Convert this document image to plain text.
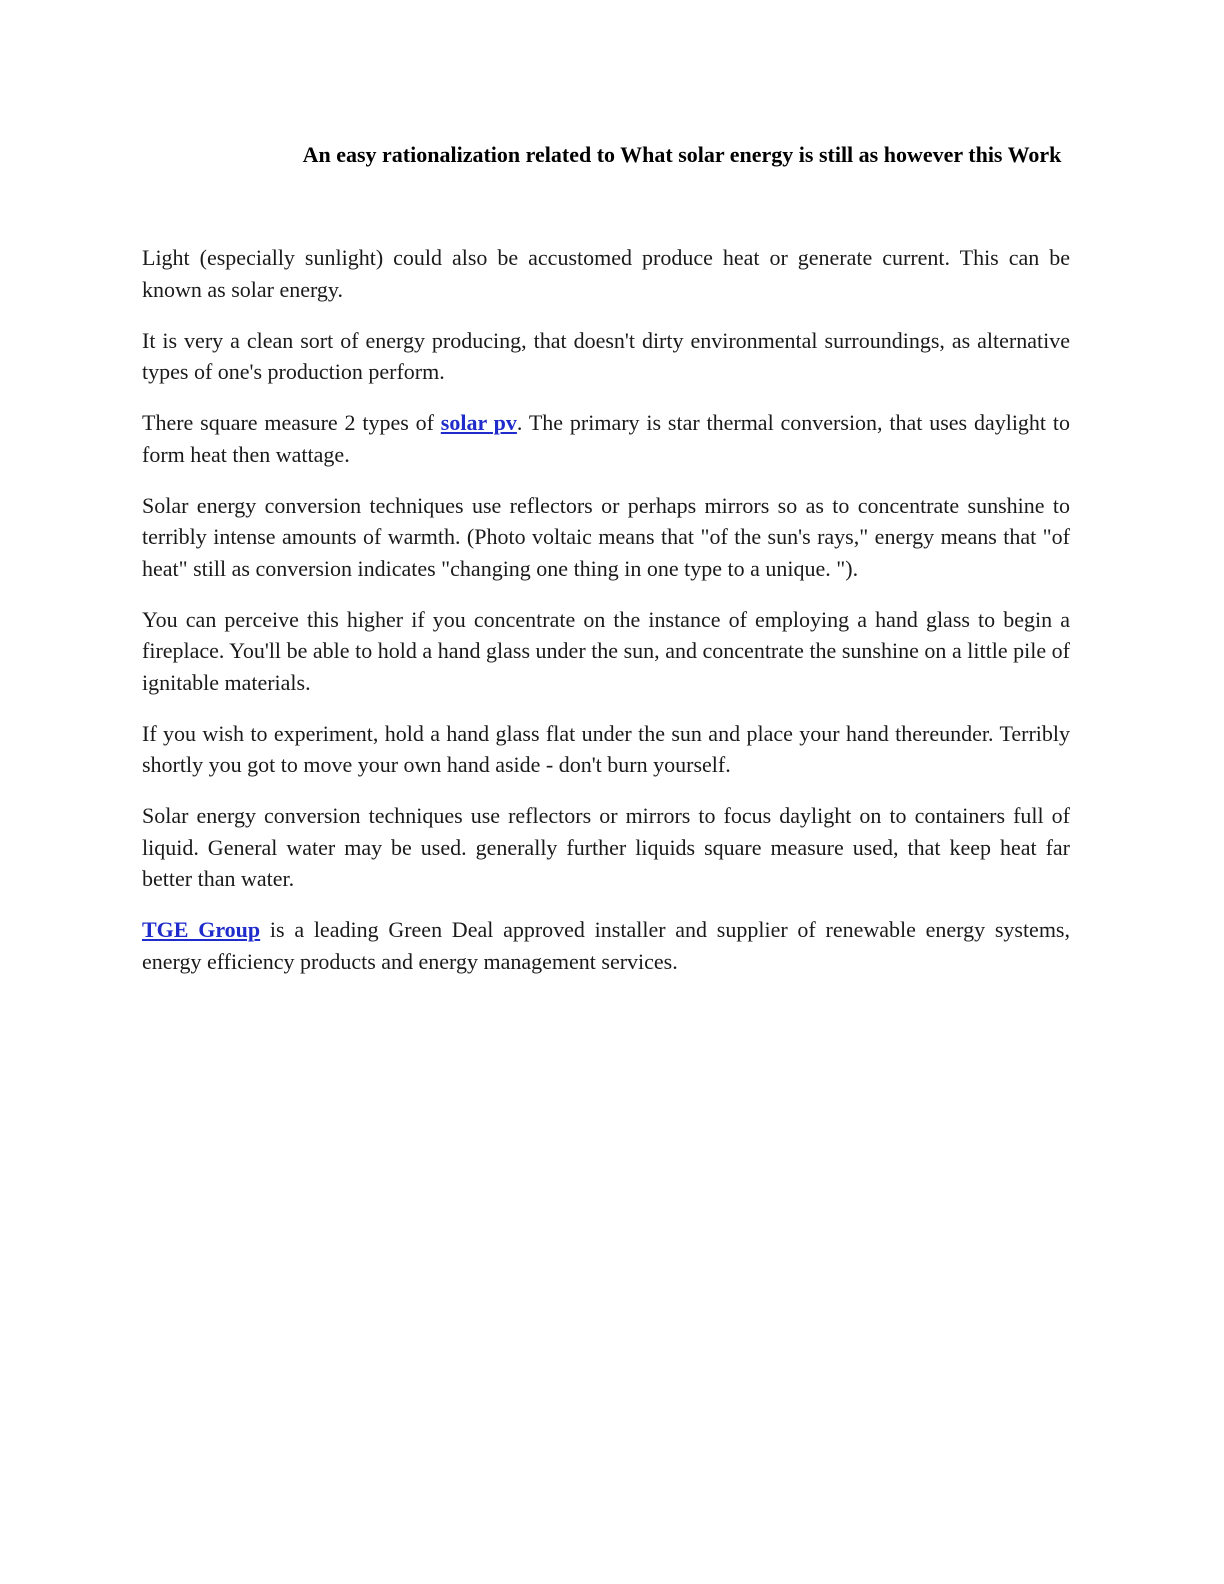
An easy rationalization related to What solar energy is still as however this Work

Light (especially sunlight) could also be accustomed produce heat or generate current. This can be known as solar energy.

It is very a clean sort of energy producing, that doesn't dirty environmental surroundings, as alternative types of one's production perform.

There square measure 2 types of solar pv. The primary is star thermal conversion, that uses daylight to form heat then wattage.

Solar energy conversion techniques use reflectors or perhaps mirrors so as to concentrate sunshine to terribly intense amounts of warmth. (Photo voltaic means that "of the sun's rays," energy means that "of heat" still as conversion indicates "changing one thing in one type to a unique. ").

You can perceive this higher if you concentrate on the instance of employing a hand glass to begin a fireplace. You'll be able to hold a hand glass under the sun, and concentrate the sunshine on a little pile of ignitable materials.

If you wish to experiment, hold a hand glass flat under the sun and place your hand thereunder. Terribly shortly you got to move your own hand aside - don't burn yourself.

Solar energy conversion techniques use reflectors or mirrors to focus daylight on to containers full of liquid. General water may be used. generally further liquids square measure used, that keep heat far better than water.

TGE Group is a leading Green Deal approved installer and supplier of renewable energy systems, energy efficiency products and energy management services.
